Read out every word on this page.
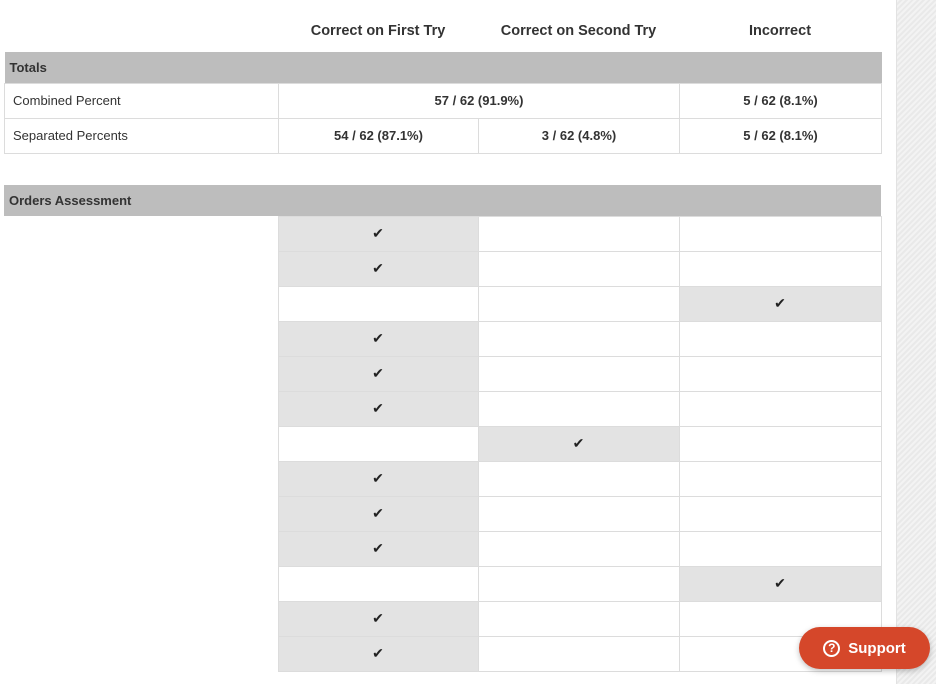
Correct on First Try	Correct on Second Try	Incorrect
Totals			
Combined Percent	57 / 62 (91.9%)		5 / 62 (8.1%)
Separated Percents	54 / 62 (87.1%)	3 / 62 (4.8%)	5 / 62 (8.1%)
Orders Assessment			
	✔		
	✔		
			✔
	✔		
	✔		
	✔		
		✔	
	✔		
	✔		
	✔		
			✔
	✔		
	✔			? Support
